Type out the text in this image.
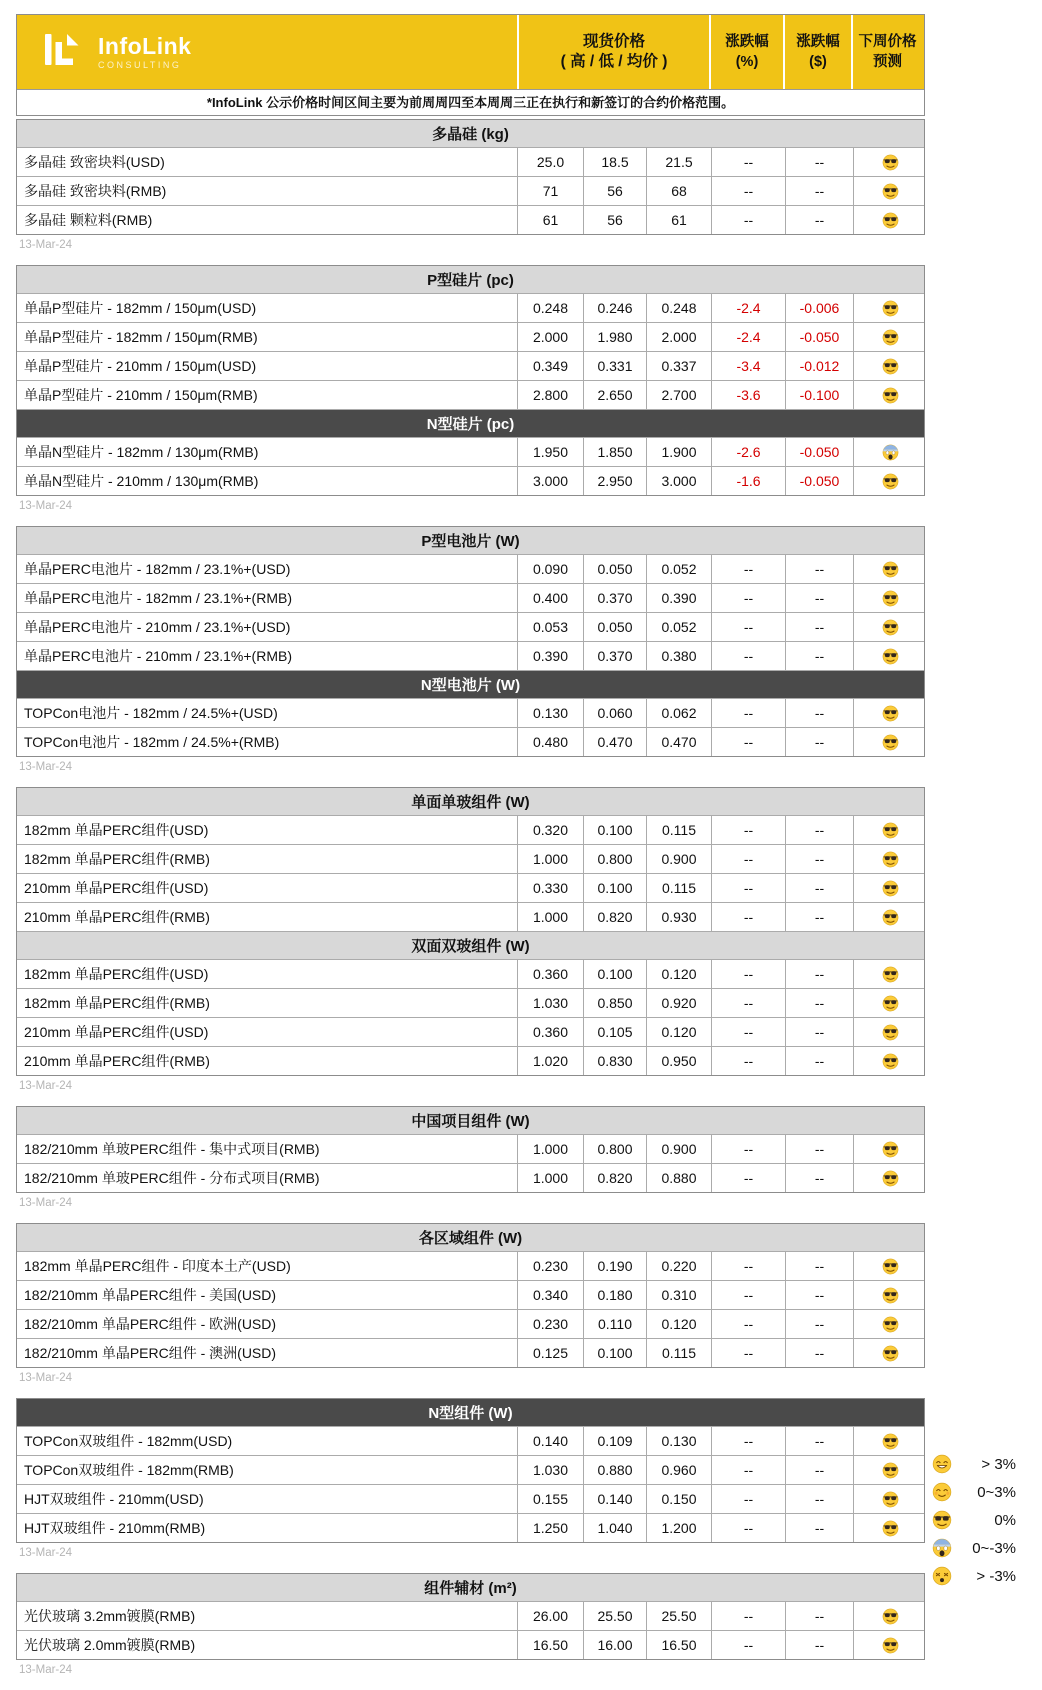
InfoLink
CONSULTING
现货价格
( 高 / 低 / 均价 )
涨跌幅
(%)
涨跌幅
($)
下周价格
预测
*InfoLink 公示价格时间区间主要为前周周四至本周周三正在执行和新签订的合约价格范围。
多晶硅 (kg)
多晶硅 致密块料(USD)	25.0	18.5	21.5	--	--
多晶硅 致密块料(RMB)	71	56	68	--	--
多晶硅 颗粒料(RMB)	61	56	61	--	--
13-Mar-24
P型硅片 (pc)
单晶P型硅片 - 182mm / 150μm(USD)	0.248	0.246	0.248	-2.4	-0.006
单晶P型硅片 - 182mm / 150μm(RMB)	2.000	1.980	2.000	-2.4	-0.050
单晶P型硅片 - 210mm / 150μm(USD)	0.349	0.331	0.337	-3.4	-0.012
单晶P型硅片 - 210mm / 150μm(RMB)	2.800	2.650	2.700	-3.6	-0.100
N型硅片 (pc)
单晶N型硅片 - 182mm / 130μm(RMB)	1.950	1.850	1.900	-2.6	-0.050
单晶N型硅片 - 210mm / 130μm(RMB)	3.000	2.950	3.000	-1.6	-0.050
13-Mar-24
P型电池片 (W)
单晶PERC电池片 - 182mm / 23.1%+(USD)	0.090	0.050	0.052	--	--
单晶PERC电池片 - 182mm / 23.1%+(RMB)	0.400	0.370	0.390	--	--
单晶PERC电池片 - 210mm / 23.1%+(USD)	0.053	0.050	0.052	--	--
单晶PERC电池片 - 210mm / 23.1%+(RMB)	0.390	0.370	0.380	--	--
N型电池片 (W)
TOPCon电池片 - 182mm / 24.5%+(USD)	0.130	0.060	0.062	--	--
TOPCon电池片 - 182mm / 24.5%+(RMB)	0.480	0.470	0.470	--	--
13-Mar-24
单面单玻组件 (W)
182mm 单晶PERC组件(USD)	0.320	0.100	0.115	--	--
182mm 单晶PERC组件(RMB)	1.000	0.800	0.900	--	--
210mm 单晶PERC组件(USD)	0.330	0.100	0.115	--	--
210mm 单晶PERC组件(RMB)	1.000	0.820	0.930	--	--
双面双玻组件 (W)
182mm 单晶PERC组件(USD)	0.360	0.100	0.120	--	--
182mm 单晶PERC组件(RMB)	1.030	0.850	0.920	--	--
210mm 单晶PERC组件(USD)	0.360	0.105	0.120	--	--
210mm 单晶PERC组件(RMB)	1.020	0.830	0.950	--	--
13-Mar-24
中国项目组件 (W)
182/210mm 单玻PERC组件 - 集中式项目(RMB)	1.000	0.800	0.900	--	--
182/210mm 单玻PERC组件 - 分布式项目(RMB)	1.000	0.820	0.880	--	--
13-Mar-24
各区域组件 (W)
182mm 单晶PERC组件 - 印度本土产(USD)	0.230	0.190	0.220	--	--
182/210mm 单晶PERC组件 - 美国(USD)	0.340	0.180	0.310	--	--
182/210mm 单晶PERC组件 - 欧洲(USD)	0.230	0.110	0.120	--	--
182/210mm 单晶PERC组件 - 澳洲(USD)	0.125	0.100	0.115	--	--
13-Mar-24
N型组件 (W)
TOPCon双玻组件 - 182mm(USD)	0.140	0.109	0.130	--	--
TOPCon双玻组件 - 182mm(RMB)	1.030	0.880	0.960	--	--
HJT双玻组件 - 210mm(USD)	0.155	0.140	0.150	--	--
HJT双玻组件 - 210mm(RMB)	1.250	1.040	1.200	--	--
13-Mar-24
组件辅材 (m²)
光伏玻璃 3.2mm镀膜(RMB)	26.00	25.50	25.50	--	--
光伏玻璃 2.0mm镀膜(RMB)	16.50	16.00	16.50	--	--
13-Mar-24
> 3%
0~3%
0%
0~-3%
> -3%
